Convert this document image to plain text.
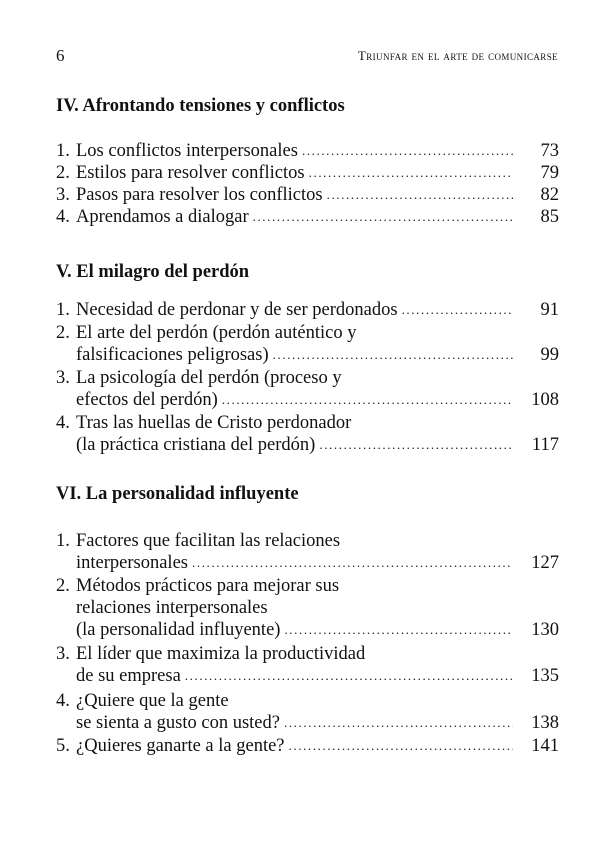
6	Triunfar en el arte de comunicarse
IV. Afrontando tensiones y conflictos
1. Los conflictos interpersonales .....	73
2. Estilos para resolver conflictos .....	79
3. Pasos para resolver los conflictos .....	82
4. Aprendamos a dialogar .....	85
V. El milagro del perdón
1. Necesidad de perdonar y de ser perdonados .....	91
2. El arte del perdón (perdón auténtico y
falsificaciones peligrosas) .....	99
3. La psicología del perdón (proceso y
efectos del perdón) .....	108
4. Tras las huellas de Cristo perdonador
(la práctica cristiana del perdón) .....	117
VI. La personalidad influyente
1. Factores que facilitan las relaciones
interpersonales .....	127
2. Métodos prácticos para mejorar sus
relaciones interpersonales
(la personalidad influyente) .....	130
3. El líder que maximiza la productividad
de su empresa .....	135
4. ¿Quiere que la gente
se sienta a gusto con usted? .....	138
5. ¿Quieres ganarte a la gente? .....	141
